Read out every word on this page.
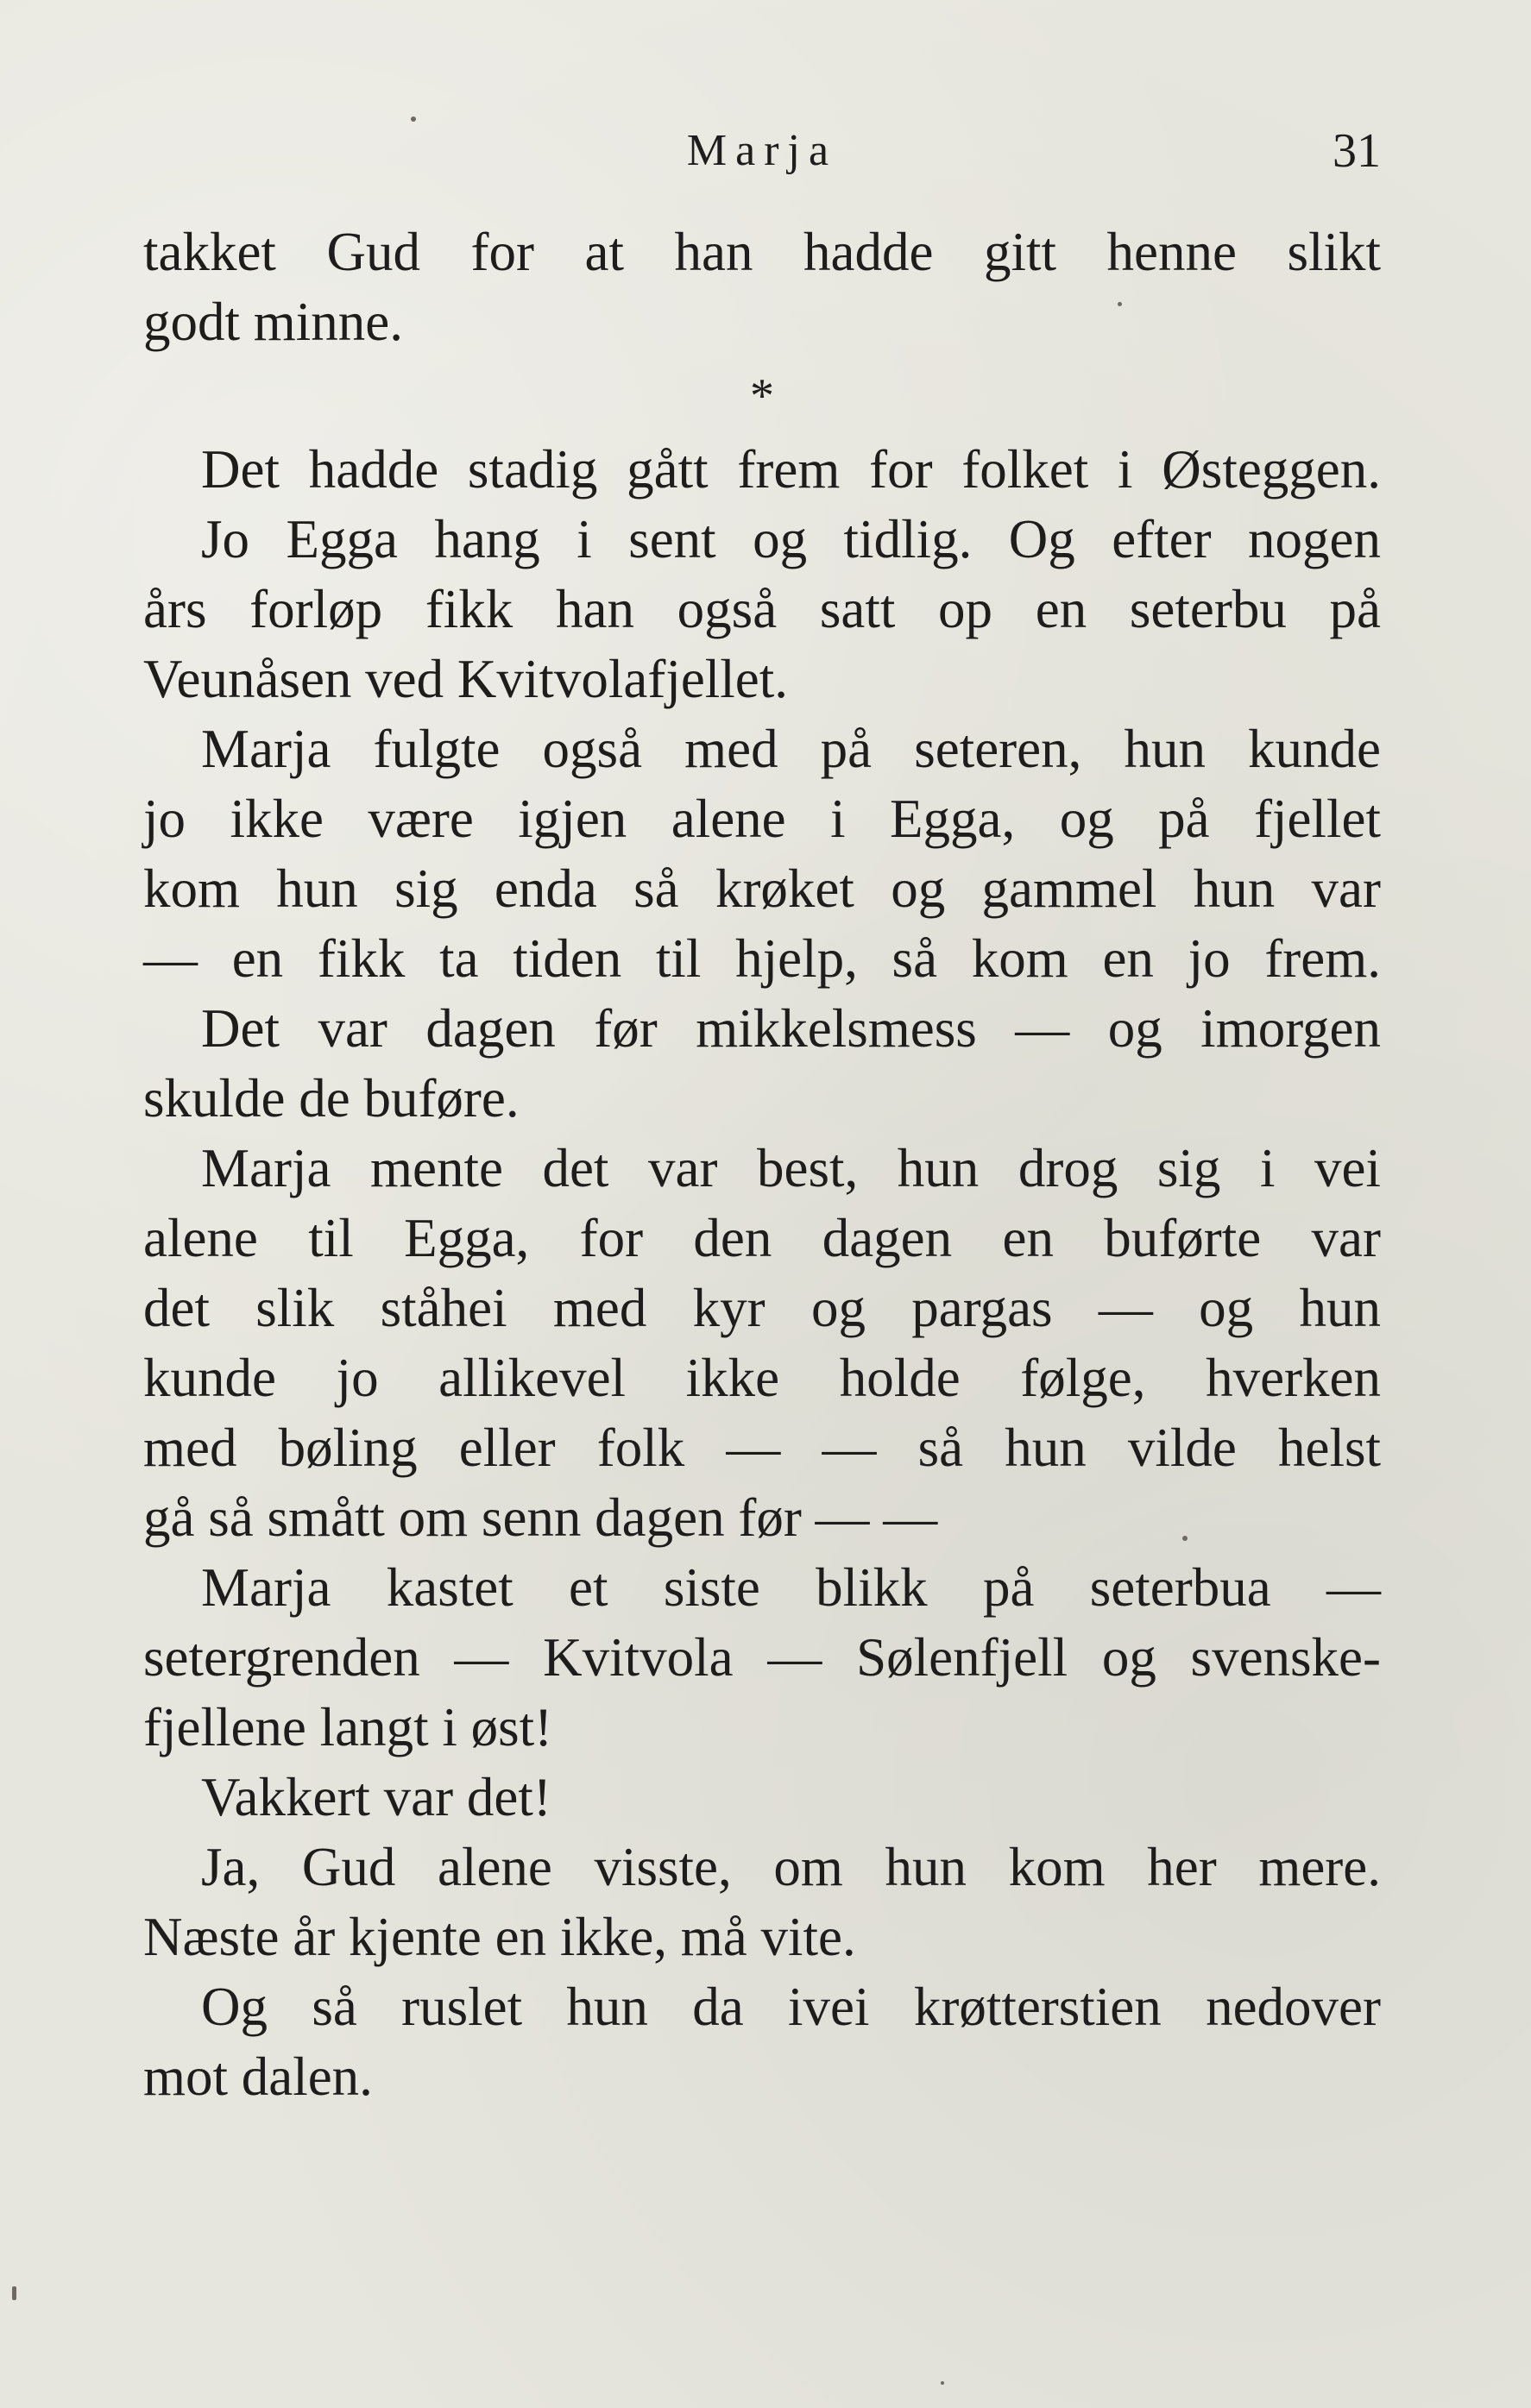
Marja	31
takket Gud for at han hadde gitt henne slikt
godt minne.
*
Det hadde stadig gått frem for folket i Østeggen.
Jo Egga hang i sent og tidlig. Og efter nogen
års forløp fikk han også satt op en seterbu på
Veunåsen ved Kvitvolafjellet.
Marja fulgte også med på seteren, hun kunde
jo ikke være igjen alene i Egga, og på fjellet
kom hun sig enda så krøket og gammel hun var
— en fikk ta tiden til hjelp, så kom en jo frem.
Det var dagen før mikkelsmess — og imorgen
skulde de buføre.
Marja mente det var best, hun drog sig i vei
alene til Egga, for den dagen en buførte var
det slik ståhei med kyr og pargas — og hun
kunde jo allikevel ikke holde følge, hverken
med bøling eller folk — — så hun vilde helst
gå så smått om senn dagen før — —
Marja kastet et siste blikk på seterbua —
setergrenden — Kvitvola — Sølenfjell og svenske-
fjellene langt i øst!
Vakkert var det!
Ja, Gud alene visste, om hun kom her mere.
Næste år kjente en ikke, må vite.
Og så ruslet hun da ivei krøtterstien nedover
mot dalen.
